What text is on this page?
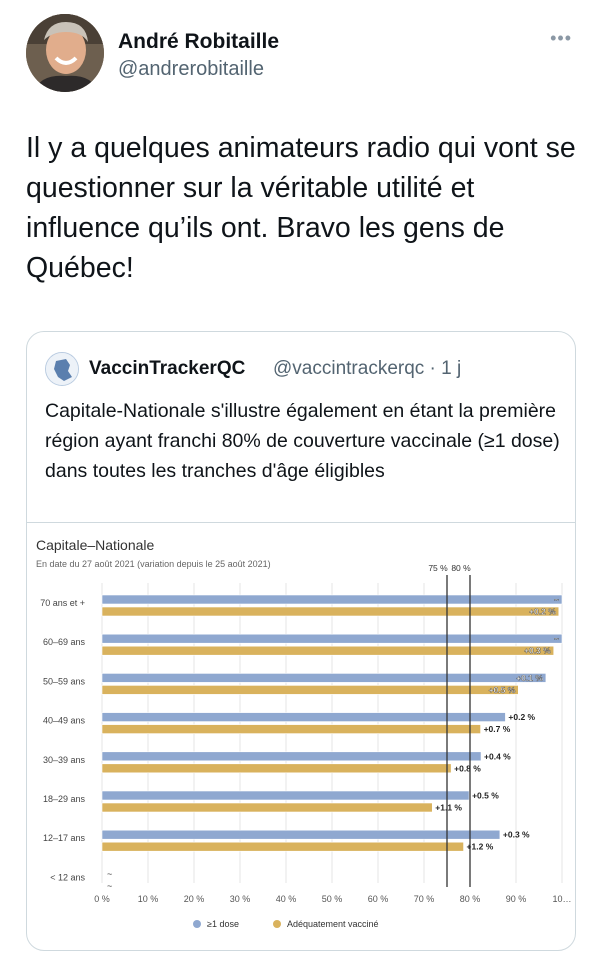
André Robitaille
@andrerobitaille
•••
Il y a quelques animateurs radio qui vont se questionner sur la véritable utilité et influence qu’ils ont. Bravo les gens de Québec!
VaccinTrackerQC @vaccintrackerqc · 1 j
Capitale-Nationale s'illustre également en étant la première région ayant franchi 80% de couverture vaccinale (≥1 dose) dans toutes les tranches d'âge éligibles
Capitale–Nationale
En date du 27 août 2021 (variation depuis le 25 août 2021)
0 %	10 %	20 %	30 %	40 %	50 %	60 %	70 %	80 %	90 %	10…
70 ans et +	~
+0.2 %
60–69 ans	~
+0.3 %
50–59 ans	+0.1 %
+0.5 %
40–49 ans	+0.2 %
+0.7 %
30–39 ans	+0.4 %
+0.8 %
18–29 ans	+0.5 %
+1.1 %
12–17 ans	+0.3 %
+1.2 %
< 12 ans ~
~
75 % 80 %
≥1 dose	Adéquatement vacciné
